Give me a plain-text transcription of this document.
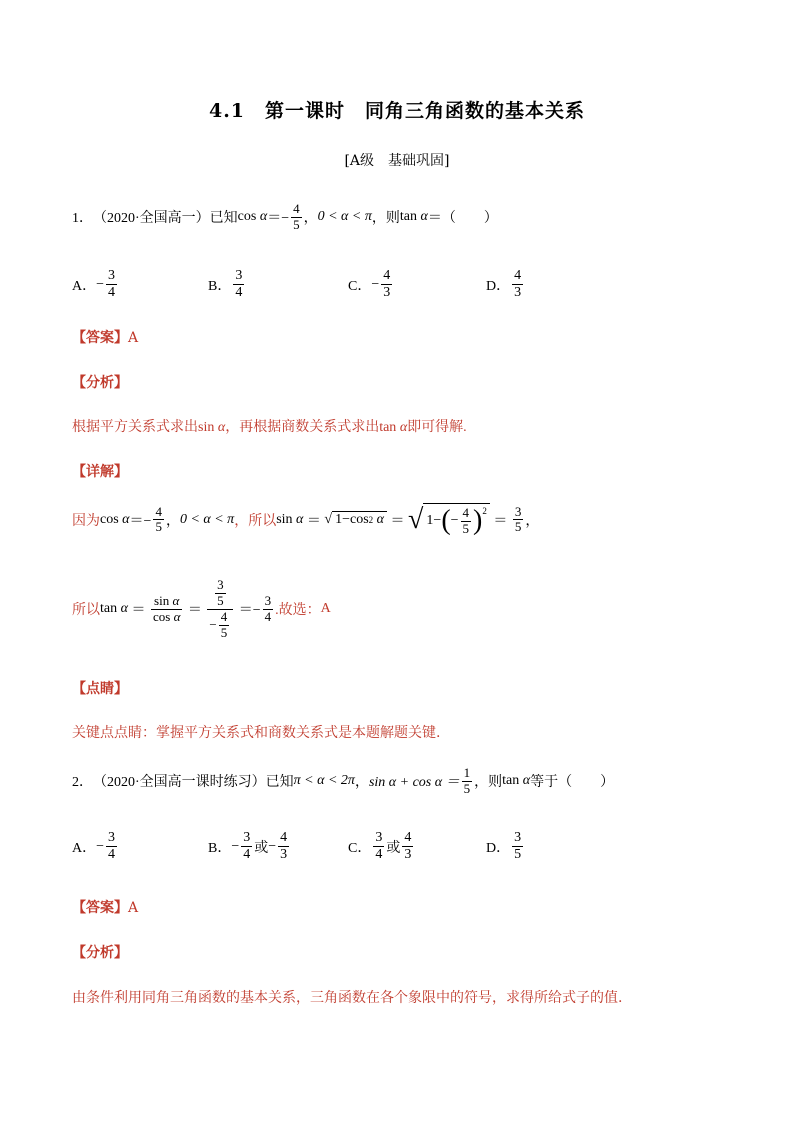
4.1　第一课时　同角三角函数的基本关系
[A级　基础巩固]
1． （2020·全国高一）已知 cos
$\alpha =- \frac{4}{5}$ ， 0 < α < π ，则 tan
α ＝（　　）
A． − $\frac{3}{4}$	B． $\frac{3}{4}$	C． − $\frac{4}{3}$	D． $\frac{4}{3}$
【答案】A
【分析】
根据平方关系式求出sin α，再根据商数关系式求出tan α即可得解.
【详解】
因为 cos
$\alpha =- \frac{4}{5}$ ， 0 < α < π ，所以 sin
α ＝ √ 1− cos 2
α ＝ √ 1− ( − $\frac{4}{5} )^2$
＝ $\frac{3}{5}$ ，
所以 tan
$\alpha = \frac{\text{sin α}}{\text{cos α}} = \frac{\frac{3}{5}}{- \frac{4}{5}} =- \frac{3}{4}$ .故选： A
【点睛】
关键点点睛：掌握平方关系式和商数关系式是本题解题关键.
2． （2020·全国高一课时练习）已知 π < α < 2π ， $\sin \alpha + \cos \alpha = \frac{1}{5}$ ，则 tan
α 等于（　　）
A． − $\frac{3}{4}$	B． − $\frac{3}{4}$ 或 − $\frac{4}{3}$	C． $\frac{3}{4}$ 或 $\frac{4}{3}$	D． $\frac{3}{5}$
【答案】A
【分析】
由条件利用同角三角函数的基本关系，三角函数在各个象限中的符号，求得所给式子的值.
